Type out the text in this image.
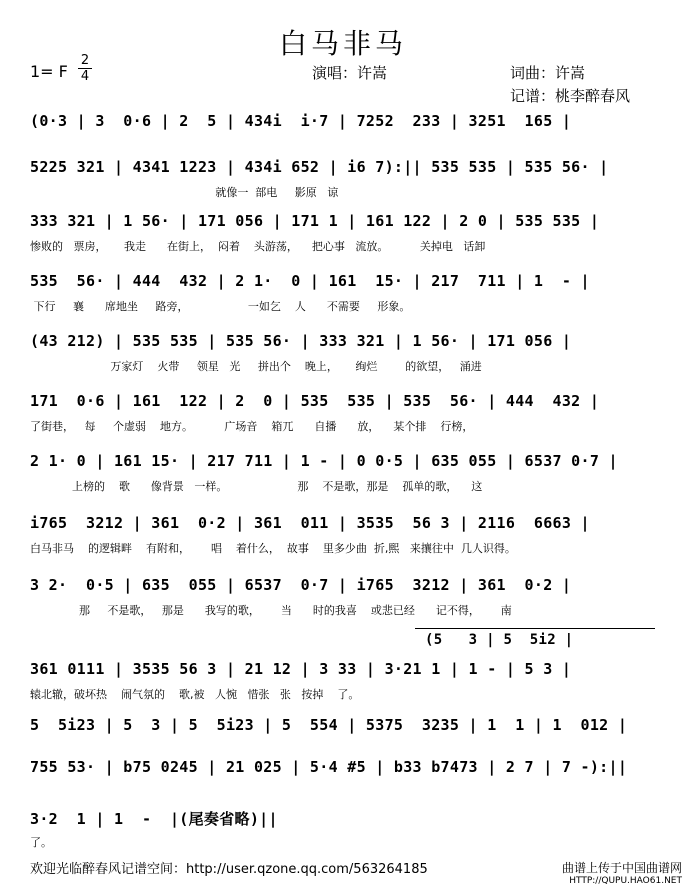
白马非马
1= F
2
4	演唱：许嵩	词曲：许嵩
记谱：桃李醉春风
(0·3 | 3  0·6 | 2  5 | 434i  i·7 | 7252  233 | 3251  165 |
5225 321 | 4341 1223 | 434i 652 | i6 7):|| 535 535 | 535 56· |
就像一  部电     影原   谅
333 321 | 1 56· | 171 056 | 171 1 | 161 122 | 2 0 | 535 535 |
惨败的   票房，     我走      在街上，  闷着    头游荡，    把心事   流放。         关掉电   话卸
535  56· | 444  432 | 2 1·  0 | 161  15· | 217  711 | 1  - |
下行     襄      席地坐     路旁，                 一如乞    人      不需要     形象。
(43 212) | 535 535 | 535 56· | 333 321 | 1 56· | 171 056 |
万家灯    火带     领星   光     拼出个    晚上，     绚烂        的欲望，   涌进
171  0·6 | 161  122 | 2  0 | 535  535 | 535  56· | 444  432 |
了街巷，   每     个虚弱    地方。         广场音    箱兀      自播      放，    某个排    行榜，
2 1· 0 | 161 15· | 217 711 | 1 - | 0 0·5 | 635 055 | 6537 0·7 |
上榜的    歌      像背景   一样。                    那    不是歌，那是    孤单的歌，    这
i765  3212 | 361  0·2 | 361  011 | 3535  56 3 | 2116  6663 |
白马非马    的逻辑畔    有附和，      唱    着什么，  故事    里多少曲  折,熙   来攘往中  几人识得。
3 2·  0·5 | 635  055 | 6537  0·7 | i765  3212 | 361  0·2 |
那     不是歌，   那是      我写的歌，      当      时的我喜    或悲已经      记不得，      南
361 0111 | 3535 56 3 | 21 12 | 3 33 | 3·21 1 | 1 - | 5 3 |
辕北辙，破坏热    闹气氛的    歌,被   人惋   惜张   张   按掉    了。
5  5i23 | 5  3 | 5  5i23 | 5  554 | 5375  3235 | 1  1 | 1  012 |
755 53· | b75 0245 | 21 025 | 5·4 #5 | b33 b7473 | 2 7 | 7 -):||
3·2  1 | 1  -  |(尾奏省略)||
了。
(5   3 | 5  5i2 |
欢迎光临醉春风记谱空间：http://user.qzone.qq.com/563264185	曲谱上传于中国曲谱网
HTTP://QUPU.HAO61.NET
